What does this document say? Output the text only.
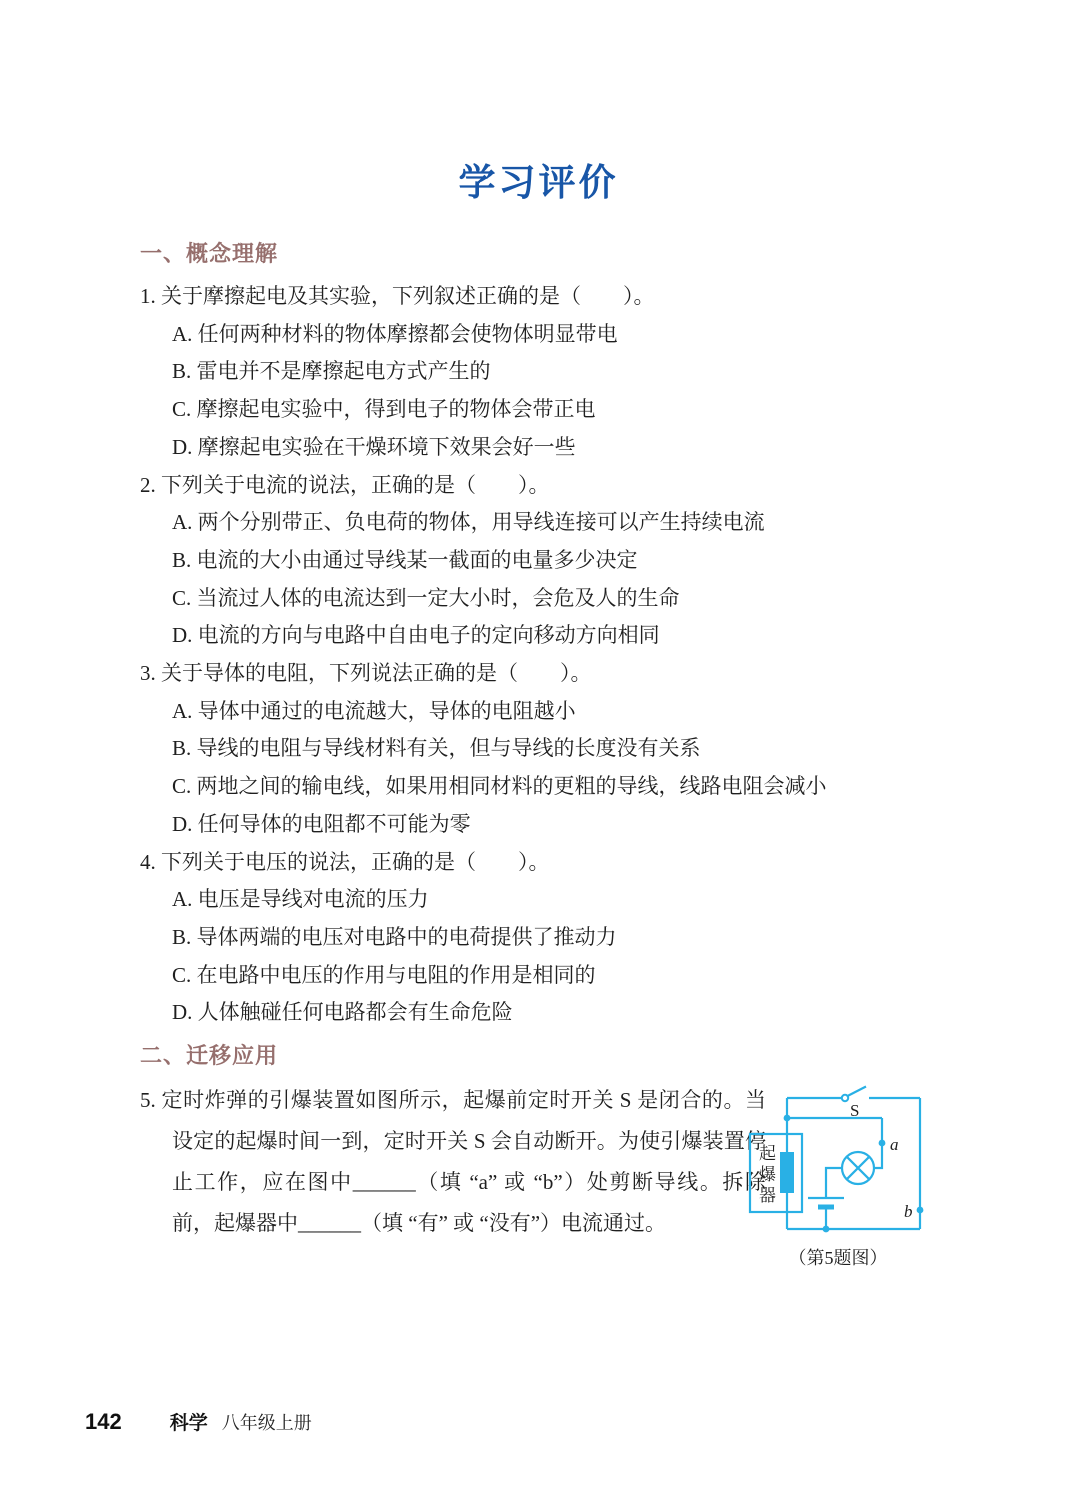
学习评价
一、概念理解

1. 关于摩擦起电及其实验，下列叙述正确的是（　　）。

A. 任何两种材料的物体摩擦都会使物体明显带电

B. 雷电并不是摩擦起电方式产生的

C. 摩擦起电实验中，得到电子的物体会带正电

D. 摩擦起电实验在干燥环境下效果会好一些

2. 下列关于电流的说法，正确的是（　　）。

A. 两个分别带正、负电荷的物体，用导线连接可以产生持续电流

B. 电流的大小由通过导线某一截面的电量多少决定

C. 当流过人体的电流达到一定大小时，会危及人的生命

D. 电流的方向与电路中自由电子的定向移动方向相同

3. 关于导体的电阻，下列说法正确的是（　　）。

A. 导体中通过的电流越大，导体的电阻越小

B. 导线的电阻与导线材料有关，但与导线的长度没有关系

C. 两地之间的输电线，如果用相同材料的更粗的导线，线路电阻会减小

D. 任何导体的电阻都不可能为零

4. 下列关于电压的说法，正确的是（　　）。

A. 电压是导线对电流的压力

B. 导体两端的电压对电路中的电荷提供了推动力

C. 在电路中电压的作用与电阻的作用是相同的

D. 人体触碰任何电路都会有生命危险

二、迁移应用

5. 定时炸弹的引爆装置如图所示，起爆前定时开关 S 是闭合的。当设定的起爆时间一到，定时开关 S 会自动断开。为使引爆装置停止工作，应在图中______（填 “a” 或 “b”）处剪断导线。拆除前，起爆器中______（填 “有” 或 “没有”）电流通过。

S
a
b
起爆器
（第5题图）
142	科学 八年级上册
